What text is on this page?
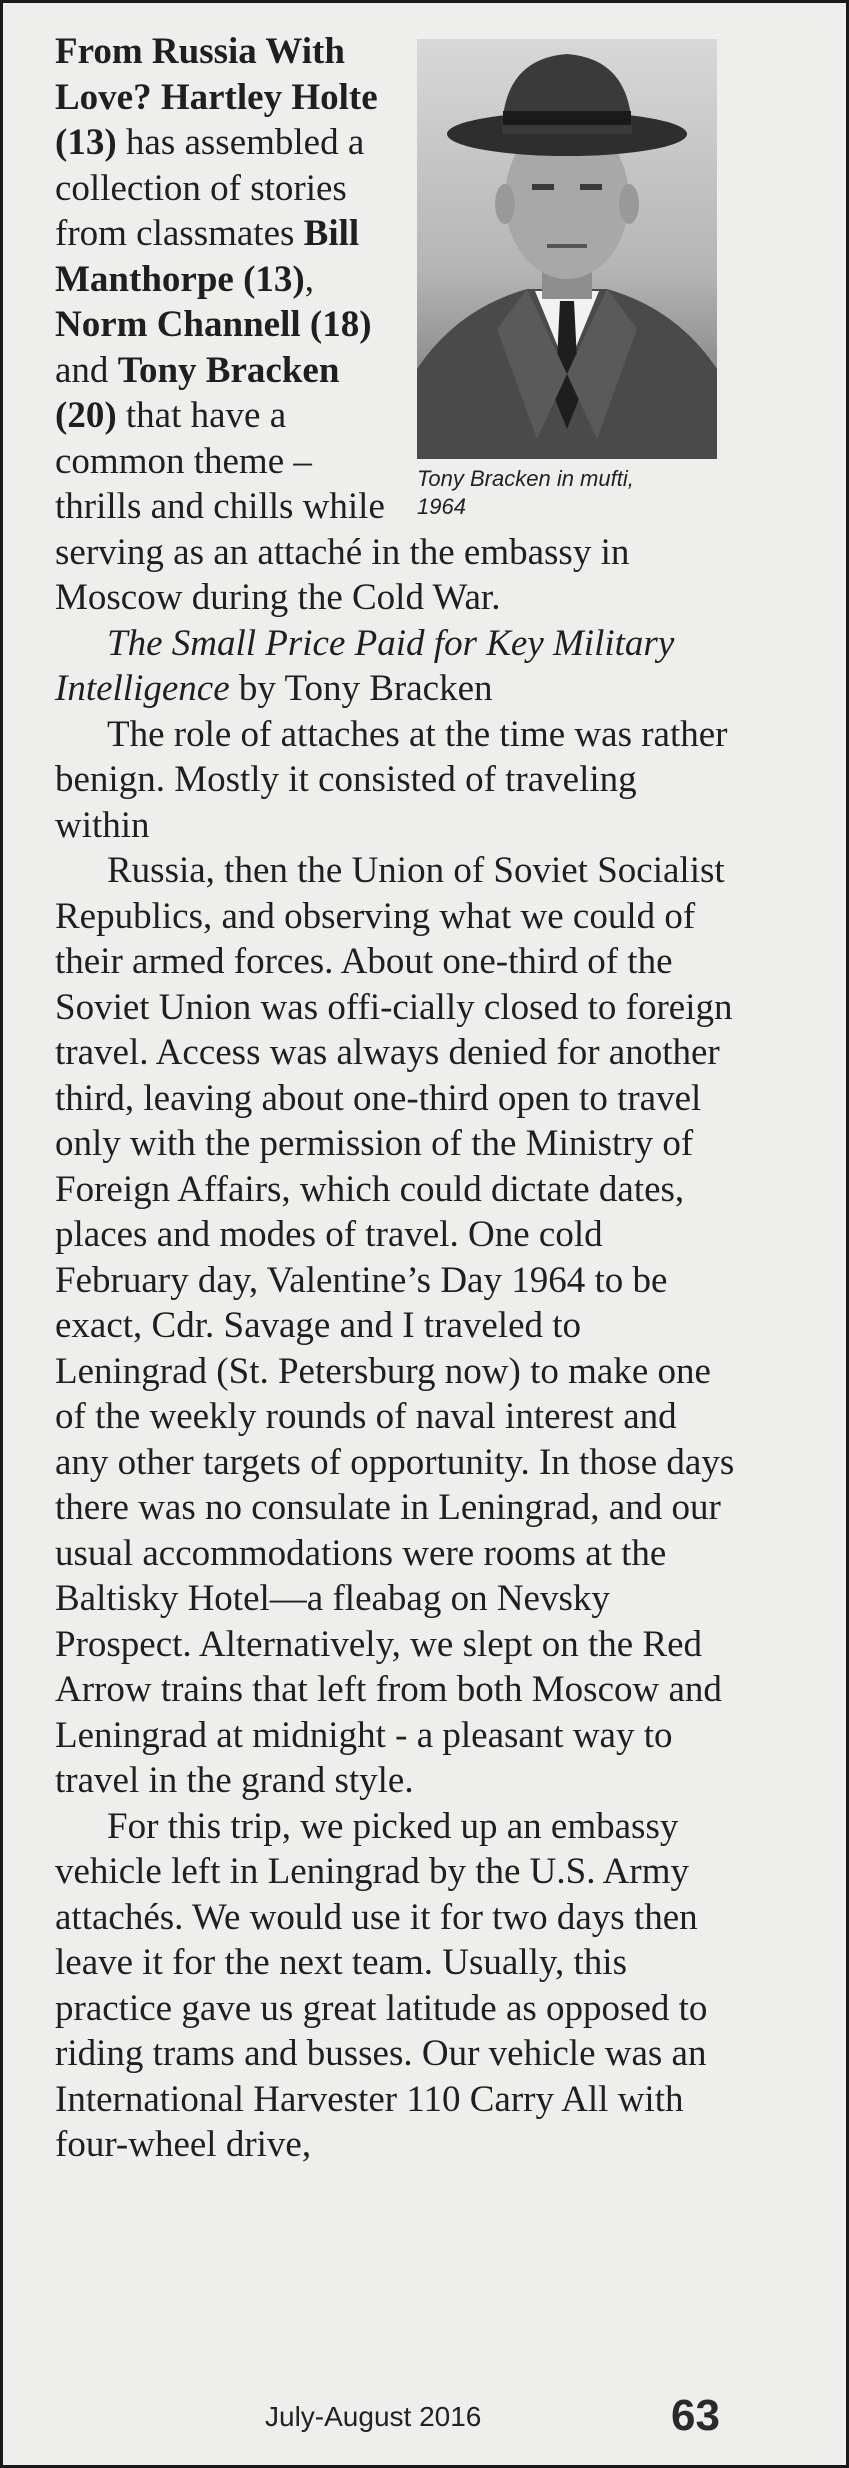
Tony Bracken in mufti, 1964

From Russia With Love? Hartley Holte (13) has assembled a collection of stories from classmates Bill Manthorpe (13), Norm Channell (18) and Tony Bracken (20) that have a common theme – thrills and chills while serving as an attaché in the embassy in Moscow during the Cold War.

The Small Price Paid for Key Military Intelligence by Tony Bracken

The role of attaches at the time was rather benign. Mostly it consisted of traveling within

Russia, then the Union of Soviet Socialist Republics, and observing what we could of their armed forces. About one-third of the Soviet Union was offi-cially closed to foreign travel. Access was always denied for another third, leaving about one-third open to travel only with the permission of the Ministry of Foreign Affairs, which could dictate dates, places and modes of travel. One cold February day, Valentine’s Day 1964 to be exact, Cdr. Savage and I traveled to Leningrad (St. Petersburg now) to make one of the weekly rounds of naval interest and any other targets of opportunity. In those days there was no consulate in Leningrad, and our usual accommodations were rooms at the Baltisky Hotel—a fleabag on Nevsky Prospect. Alternatively, we slept on the Red Arrow trains that left from both Moscow and Leningrad at midnight - a pleasant way to travel in the grand style.

For this trip, we picked up an embassy vehicle left in Leningrad by the U.S. Army attachés. We would use it for two days then leave it for the next team. Usually, this practice gave us great latitude as opposed to riding trams and busses. Our vehicle was an International Harvester 110 Carry All with four-wheel drive,

July-August 2016	63
